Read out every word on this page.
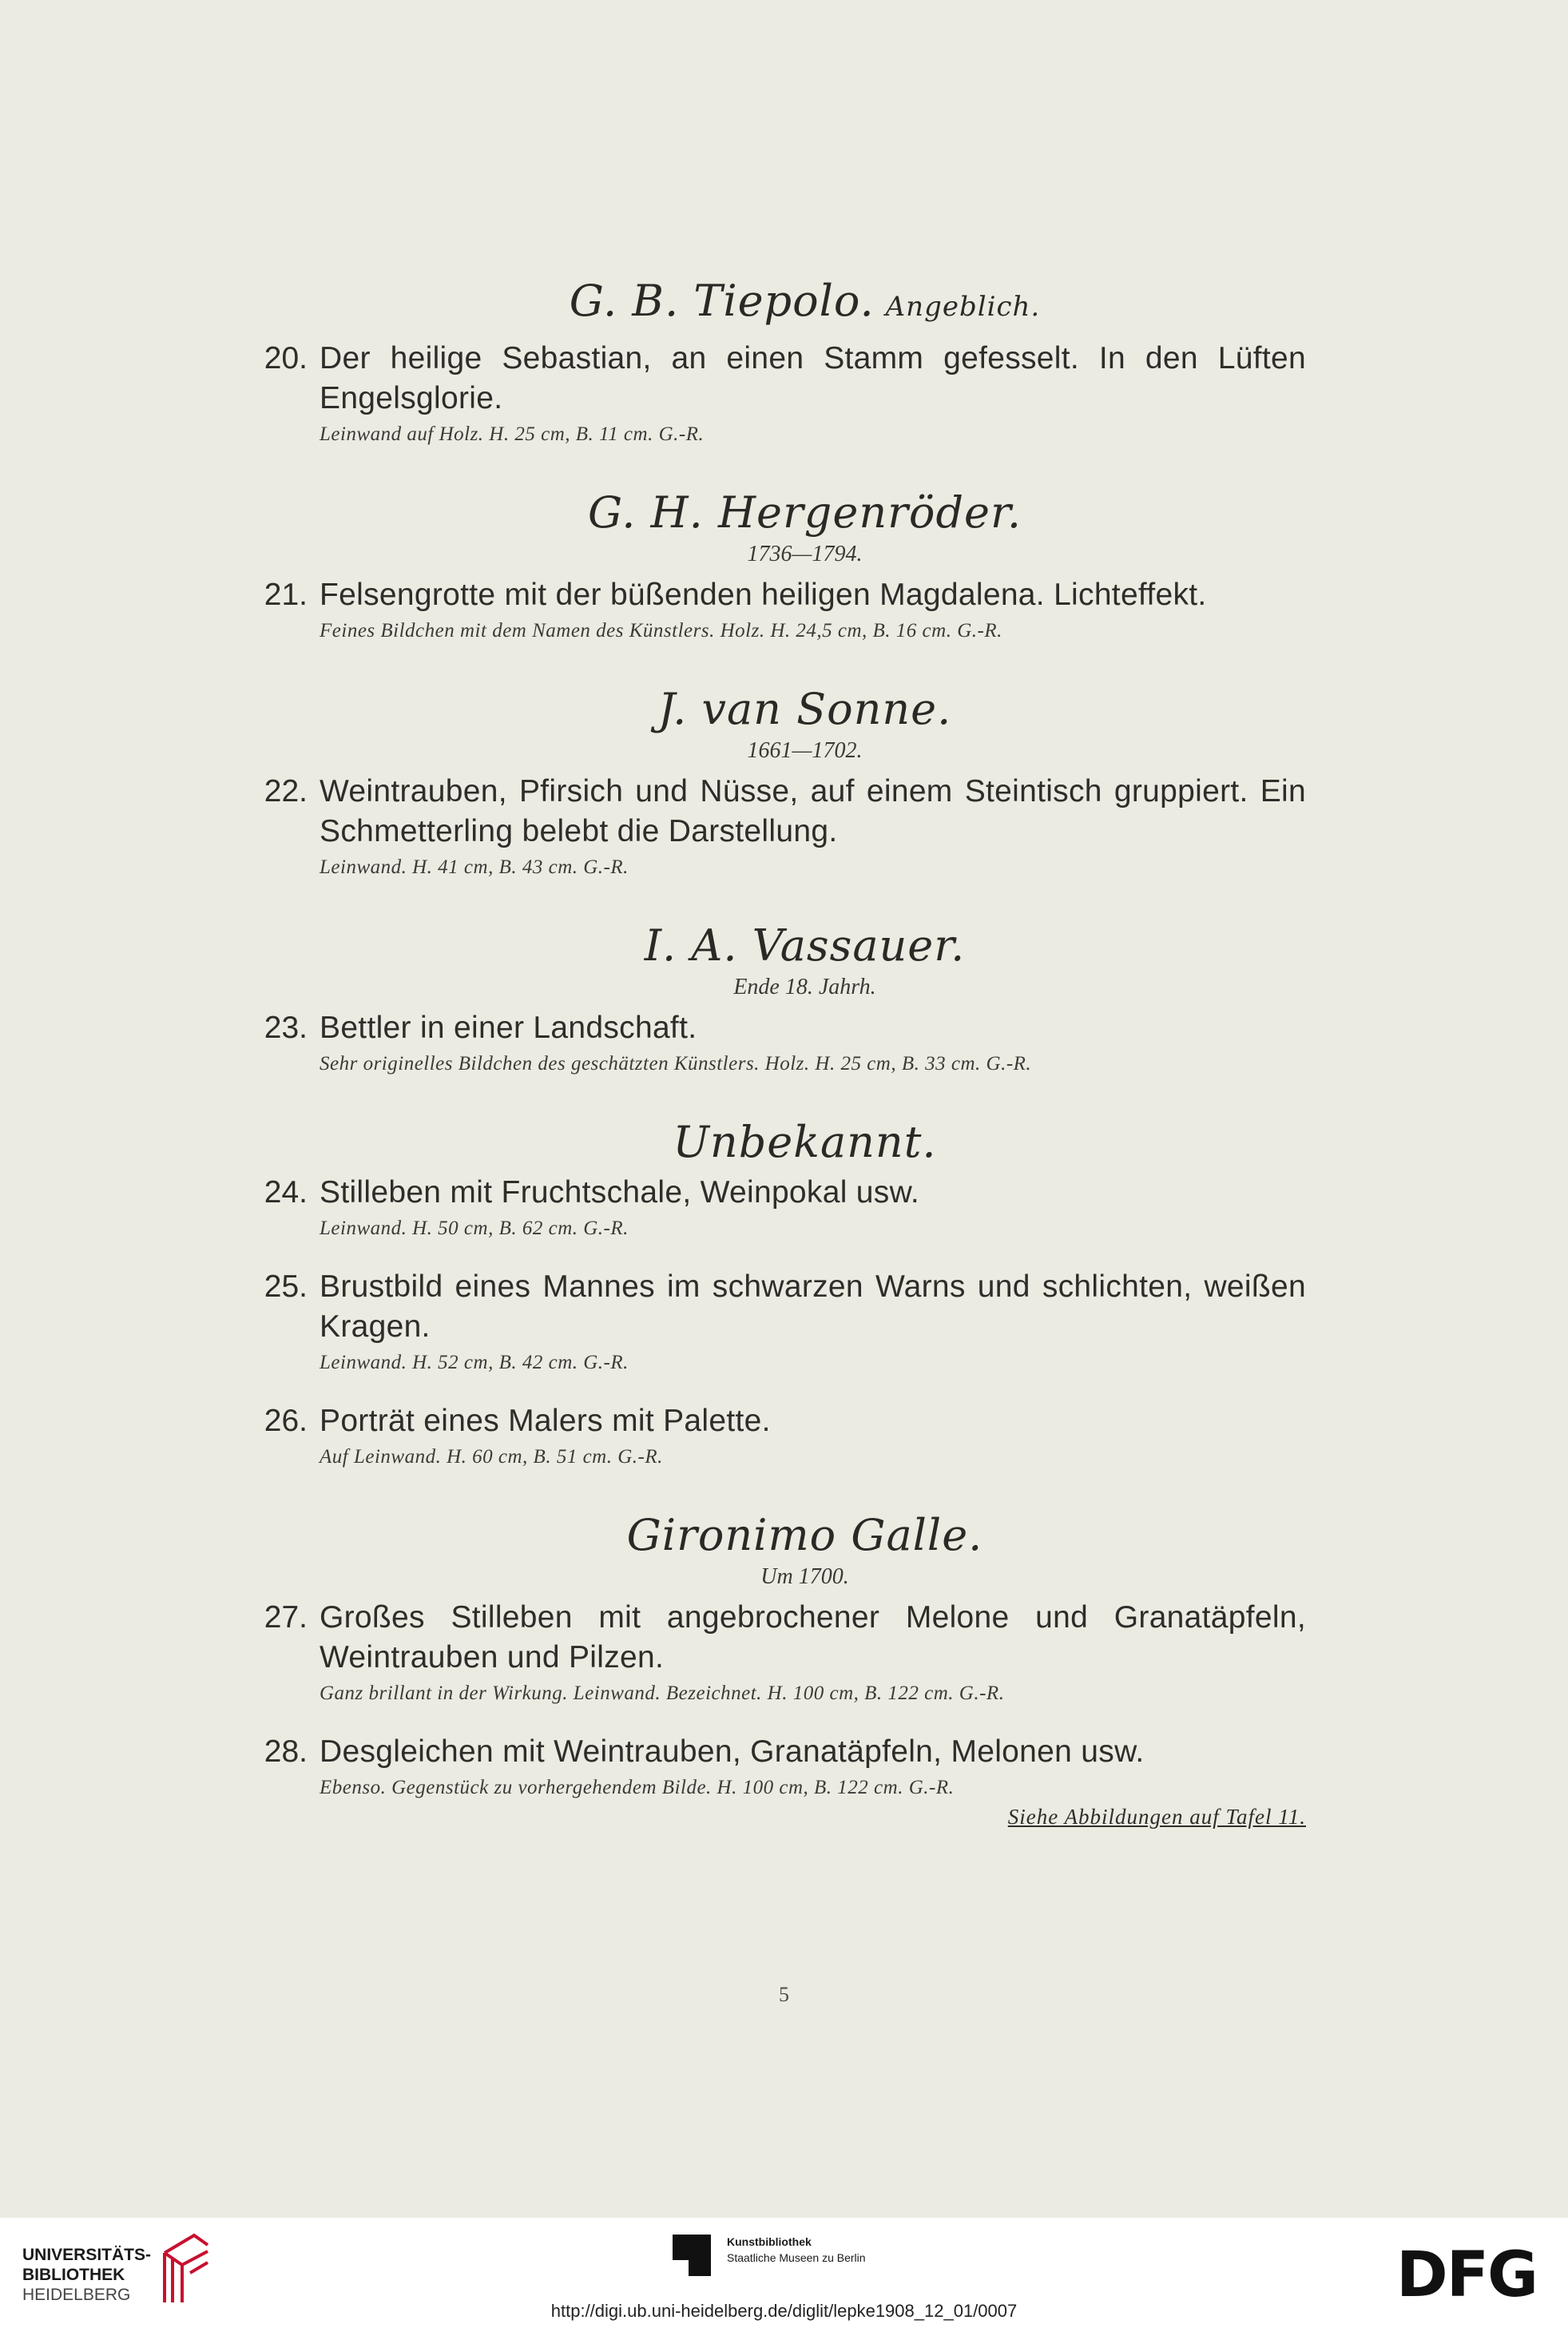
G. B. Tiepolo. Angeblich.
20. Der heilige Sebastian, an einen Stamm gefesselt. In den Lüften Engelsglorie.
Leinwand auf Holz. H. 25 cm, B. 11 cm. G.-R.
G. H. Hergenröder.
1736—1794.
21. Felsengrotte mit der büßenden heiligen Magdalena. Lichteffekt.
Feines Bildchen mit dem Namen des Künstlers. Holz. H. 24,5 cm, B. 16 cm. G.-R.
J. van Sonne.
1661—1702.
22. Weintrauben, Pfirsich und Nüsse, auf einem Steintisch gruppiert. Ein Schmetterling belebt die Darstellung.
Leinwand. H. 41 cm, B. 43 cm. G.-R.
I. A. Vassauer.
Ende 18. Jahrh.
23. Bettler in einer Landschaft.
Sehr originelles Bildchen des geschätzten Künstlers. Holz. H. 25 cm, B. 33 cm. G.-R.
Unbekannt.
24. Stilleben mit Fruchtschale, Weinpokal usw.
Leinwand. H. 50 cm, B. 62 cm. G.-R.
25. Brustbild eines Mannes im schwarzen Warns und schlichten, weißen Kragen.
Leinwand. H. 52 cm, B. 42 cm. G.-R.
26. Porträt eines Malers mit Palette.
Auf Leinwand. H. 60 cm, B. 51 cm. G.-R.
Gironimo Galle.
Um 1700.
27. Großes Stilleben mit angebrochener Melone und Granatäpfeln, Weintrauben und Pilzen.
Ganz brillant in der Wirkung. Leinwand. Bezeichnet. H. 100 cm, B. 122 cm. G.-R.
28. Desgleichen mit Weintrauben, Granatäpfeln, Melonen usw.
Ebenso. Gegenstück zu vorhergehendem Bilde. H. 100 cm, B. 122 cm. G.-R.
Siehe Abbildungen auf Tafel 11.
5
UNIVERSITÄTS-
BIBLIOTHEK
HEIDELBERG
Kunstbibliothek
Staatliche Museen zu Berlin	DFG
http://digi.ub.uni-heidelberg.de/diglit/lepke1908_12_01/0007
